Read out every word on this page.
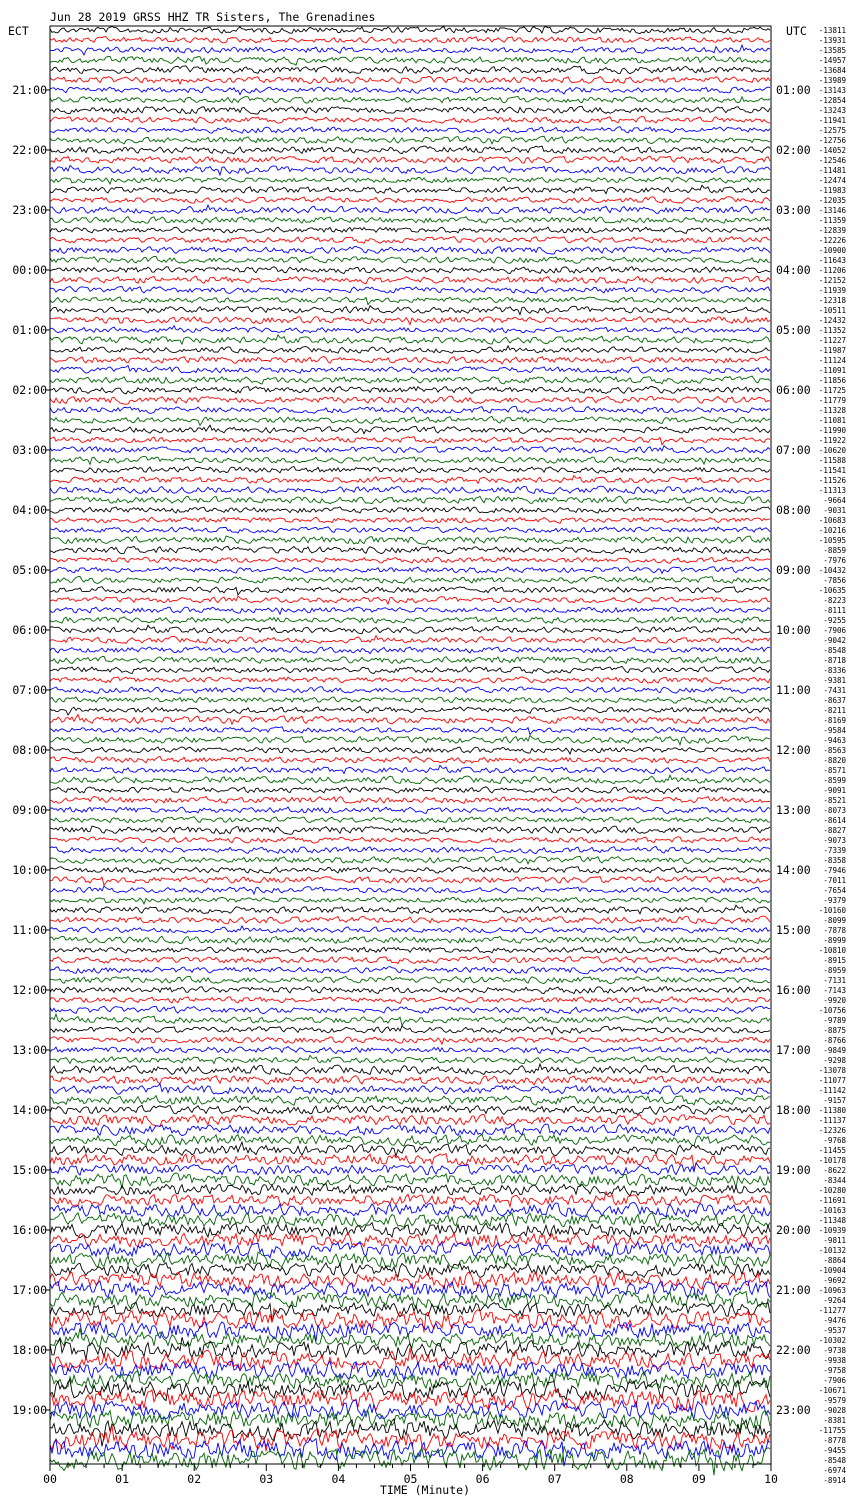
Jun 28 2019 GRSS HHZ TR Sisters, The Grenadines
ECT	UTC
21:00
22:00
23:00
00:00
01:00
02:00
03:00
04:00
05:00
06:00
07:00
08:00
09:00
10:00
11:00
12:00
13:00
14:00
15:00
16:00
17:00
18:00
19:00
01:00
02:00
03:00
04:00
05:00
06:00
07:00
08:00
09:00
10:00
11:00
12:00
13:00
14:00
15:00
16:00
17:00
18:00
19:00
20:00
21:00
22:00
23:00
-13811
-13931
-13585
-14957
-13684
-13989
-13143
-12854
-13243
-11941
-12575
-12756
-14052
-12546
-11481
-12474
-11983
-12035
-13146
-11359
-12839
-12226
-10900
-11643
-11206
-12152
-11939
-12318
-10511
-12432
-11352
-11227
-11987
-11124
-11091
-11856
-11725
-11779
-11328
-11081
-11990
-11922
-10620
-11588
-11541
-11526
-11313
-9664
-9031
-10683
-10216
-10595
-8859
-7976
-10432
-7856
-10635
-8223
-8111
-9255
-7906
-9042
-8548
-8718
-8336
-9381
-7431
-8637
-8211
-8169
-9584
-9463
-8563
-8820
-8571
-8599
-9091
-8521
-8073
-8614
-8827
-9073
-7339
-8358
-7946
-7011
-7654
-9379
-10160
-8099
-7878
-8999
-10810
-8915
-8959
-7131
-7143
-9920
-10756
-9789
-8875
-8766
-9849
-9298
-13078
-11077
-11142
-9157
-11380
-11137
-12326
-9768
-11455
-10178
-8622
-8344
-10280
-11691
-10163
-11348
-10939
-9811
-10132
-8864
-10904
-9692
-10963
-9264
-11277
-9476
-9537
-10302
-9738
-9938
-9758
-7906
-10671
-9579
-9028
-8381
-11755
-8778
-9455
-8548
-6974
-8914
00	01	02	03	04	05	06	07	08	09	10
TIME (Minute)
